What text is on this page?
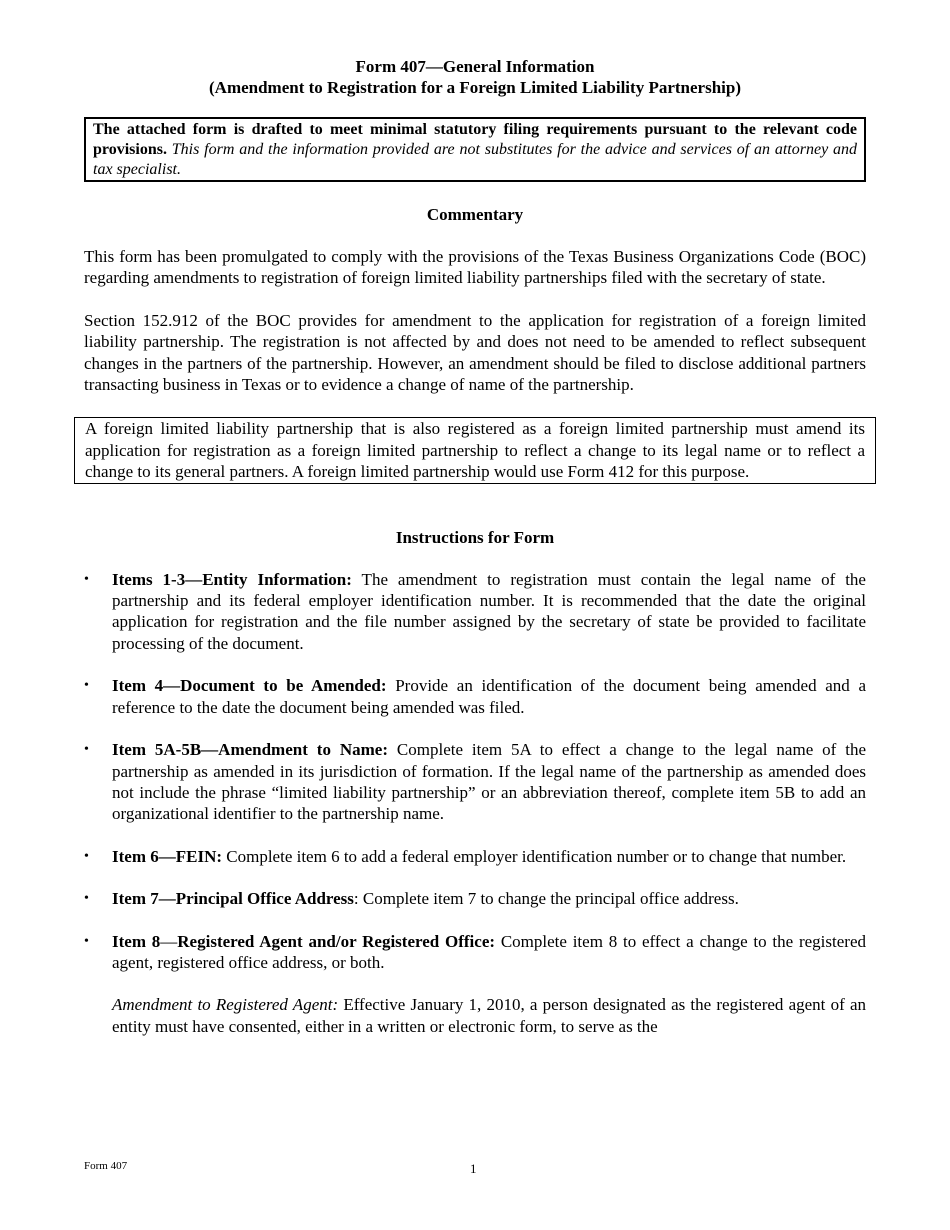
Form 407—General Information

(Amendment to Registration for a Foreign Limited Liability Partnership)

The attached form is drafted to meet minimal statutory filing requirements pursuant to the relevant code provisions. This form and the information provided are not substitutes for the advice and services of an attorney and tax specialist.
Commentary

This form has been promulgated to comply with the provisions of the Texas Business Organizations Code (BOC) regarding amendments to registration of foreign limited liability partnerships filed with the secretary of state.

Section 152.912 of the BOC provides for amendment to the application for registration of a foreign limited liability partnership. The registration is not affected by and does not need to be amended to reflect subsequent changes in the partners of the partnership. However, an amendment should be filed to disclose additional partners transacting business in Texas or to evidence a change of name of the partnership.

A foreign limited liability partnership that is also registered as a foreign limited partnership must amend its application for registration as a foreign limited partnership to reflect a change to its legal name or to reflect a change to its general partners. A foreign limited partnership would use Form 412 for this purpose.
Instructions for Form
• Items 1-3—Entity Information: The amendment to registration must contain the legal name of the partnership and its federal employer identification number. It is recommended that the date the original application for registration and the file number assigned by the secretary of state be provided to facilitate processing of the document.
• Item 4—Document to be Amended: Provide an identification of the document being amended and a reference to the date the document being amended was filed.
• Item 5A-5B—Amendment to Name: Complete item 5A to effect a change to the legal name of the partnership as amended in its jurisdiction of formation. If the legal name of the partnership as amended does not include the phrase “limited liability partnership” or an abbreviation thereof, complete item 5B to add an organizational identifier to the partnership name.
• Item 6—FEIN: Complete item 6 to add a federal employer identification number or to change that number.
• Item 7—Principal Office Address: Complete item 7 to change the principal office address.
• Item 8—Registered Agent and/or Registered Office: Complete item 8 to effect a change to the registered agent, registered office address, or both.

Amendment to Registered Agent: Effective January 1, 2010, a person designated as the registered agent of an entity must have consented, either in a written or electronic form, to serve as the

Form 407	1
